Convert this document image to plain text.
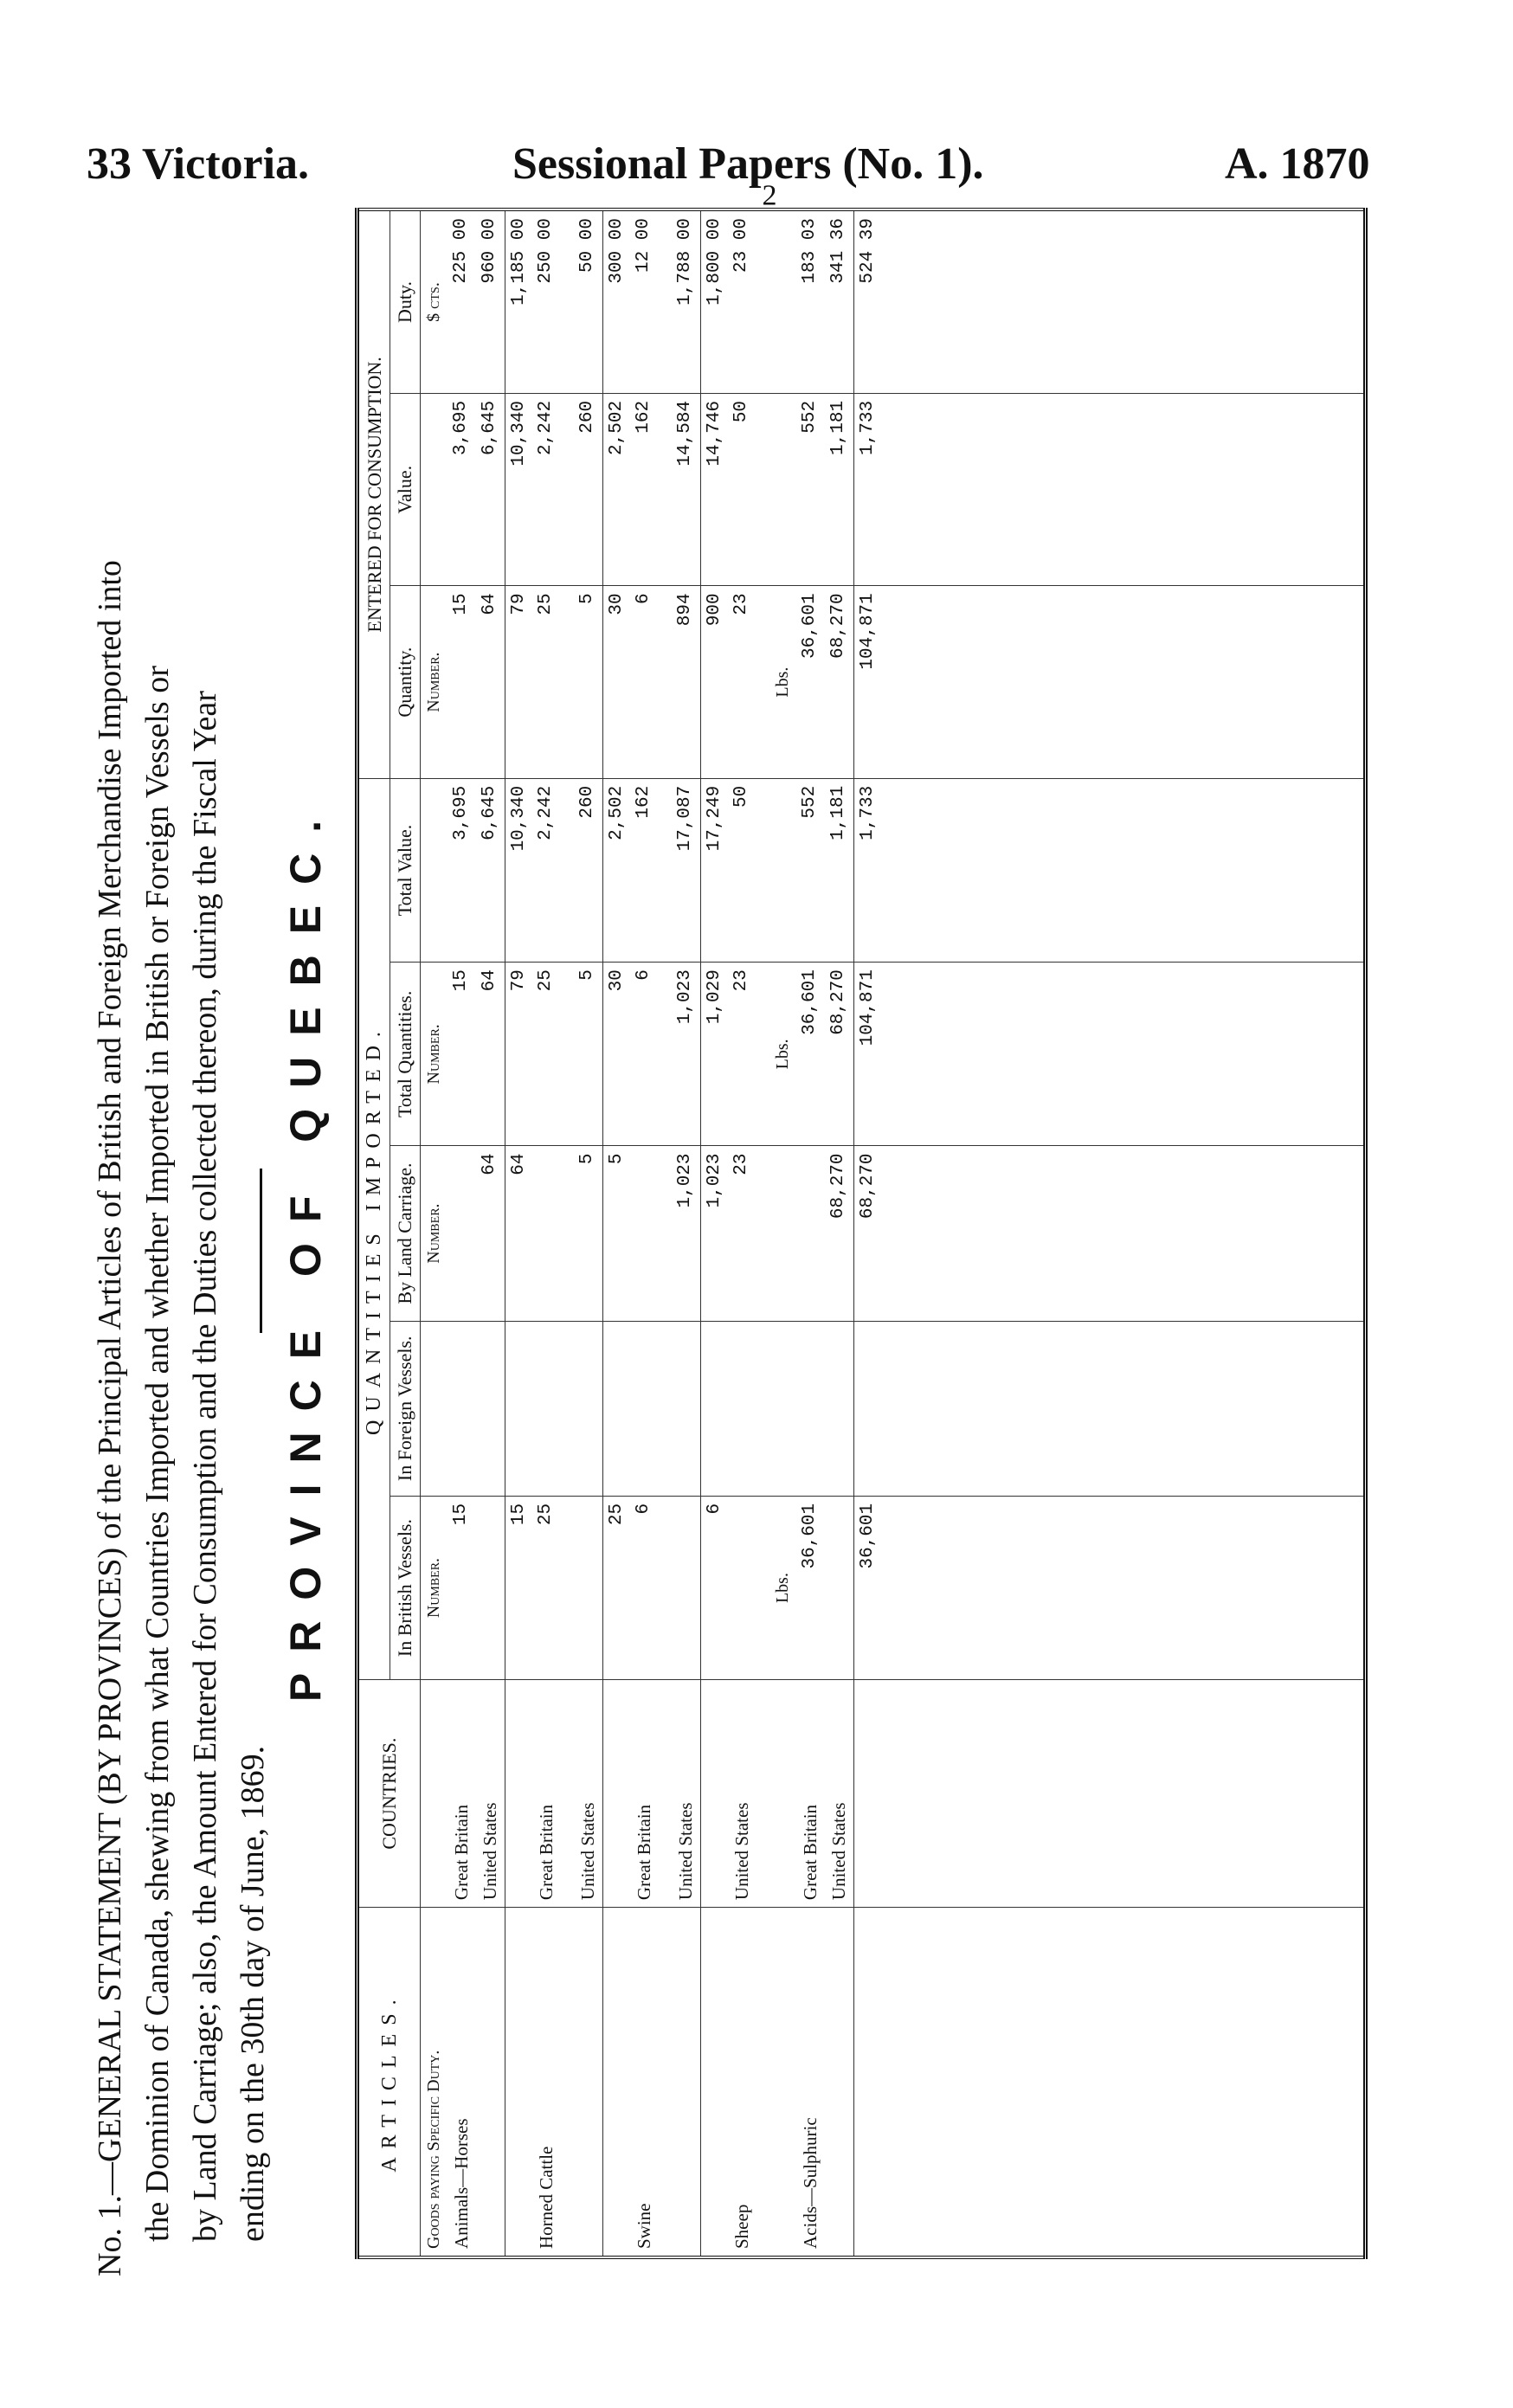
33 Victoria.	Sessional Papers (No. 1).	A. 1870
No. 1.—GENERAL STATEMENT (BY PROVINCES) of the Principal Articles of British and Foreign Merchandise Imported into the Dominion of Canada, shewing from what Countries Imported and whether Imported in British or Foreign Vessels or by Land Carriage; also, the Amount Entered for Consumption and the Duties collected thereon, during the Fiscal Year ending on the 30th day of June, 1869.
PROVINCE OF QUEBEC.
ARTICLES.	COUNTRIES.	QUANTITIES IMPORTED.					ENTERED FOR CONSUMPTION.		
		In British Vessels.	In Foreign Vessels.	By Land Carriage.	Total Quantities.	Total Value.	Quantity.	Value.	Duty.
Goods paying Specific Duty.		Number.		Number.	Number.		Number.		$ cts.
Animals—Horses	Great Britain	15			15	3,695	15	3,695	225 00
	United States			64	64	6,645	64	6,645	960 00
		15		64	79	10,340	79	10,340	1,185 00
Horned Cattle	Great Britain	25			25	2,242	25	2,242	250 00
	United States			5	5	260	5	260	50 00
		25		5	30	2,502	30	2,502	300 00
Swine	Great Britain	6			6	162	6	162	12 00
	United States			1,023	1,023	17,087	894	14,584	1,788 00
		6		1,023	1,029	17,249	900	14,746	1,800 00
Sheep	United States			23	23	50	23	50	23 00
		Lbs.			Lbs.		Lbs.		
Acids—Sulphuric	Great Britain	36,601			36,601	552	36,601	552	183 03
	United States			68,270	68,270	1,181	68,270	1,181	341 36
		36,601		68,270	104,871	1,733	104,871	1,733	524 39

2
